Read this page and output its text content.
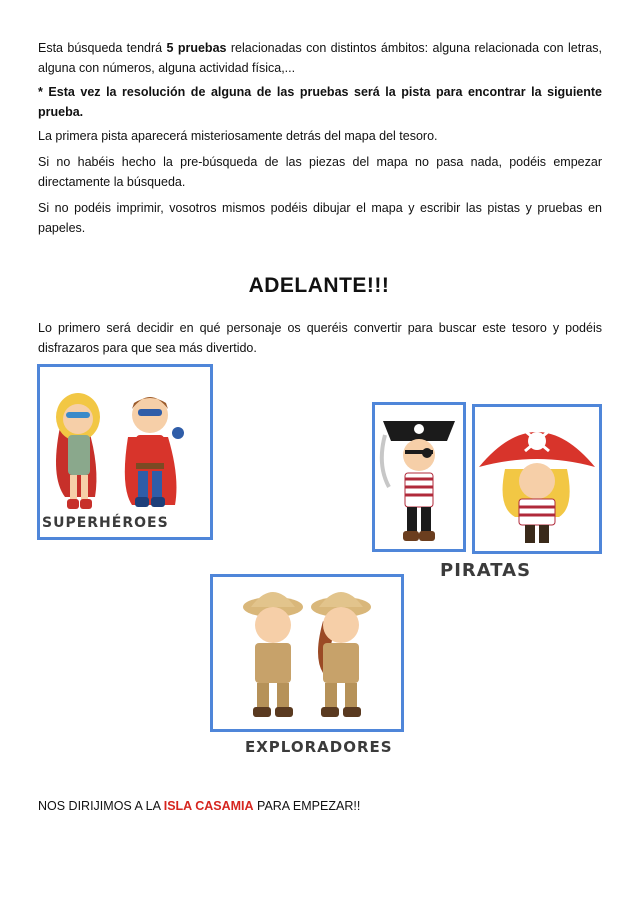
Esta búsqueda tendrá 5 pruebas relacionadas con distintos ámbitos: alguna relacionada con letras, alguna con números, alguna actividad física,...

* Esta vez la resolución de alguna de las pruebas será la pista para encontrar la siguiente prueba.

La primera pista aparecerá misteriosamente detrás del mapa del tesoro.

Si no habéis hecho la pre-búsqueda de las piezas del mapa no pasa nada, podéis empezar directamente la búsqueda.

Si no podéis imprimir, vosotros mismos podéis dibujar el mapa y escribir las pistas y pruebas en papeles.

ADELANTE!!!

Lo primero será decidir en qué personaje os queréis convertir para buscar este tesoro y podéis disfrazaros para que sea más divertido.

SUPERHÉROES
PIRATAS
EXPLORADORES

NOS DIRIJIMOS A LA ISLA CASAMIA PARA EMPEZAR!!
